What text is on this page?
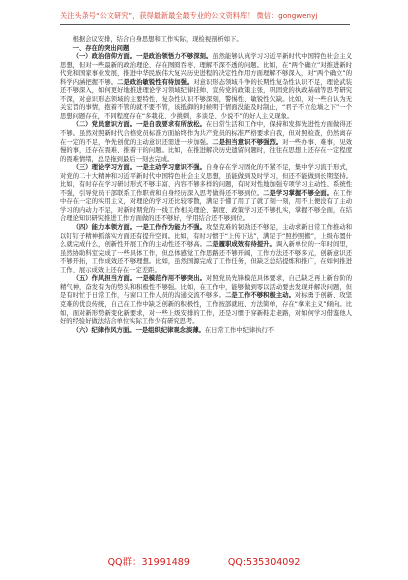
关注头条号“公文研究”，获得最新最全最专业的公文资料库！ 微信：gongwenyj

根据会议安排，结合自身思想和工作实际，现检视剖析如下。

一、存在的突出问题

（一）政治信仰方面。一是政治领悟力不够深刻。虽然能够认真学习习近平新时代中国特色社会主义思想，但对一些最新的政治理论、存在囫囵吞枣、理解不深不透的问题。比如，在“两个确立”对推进新时代党和国家事业发展，推进中华民族伟大复兴历史进程的决定性作用方面理解不够深入，对“两个确立”的科学内涵把握不够。二是政治敏锐性有待加强。对意识形态领域斗争的长期性复杂性认识不足，理论武装还不够深入，如何更好地推进理论学习领域纪律挂帅、宣传党的政策主张，巩固党的执政基础等思考研究不深，对意识形态领域的主要特性、复杂性认识不够深刻，警惕性、敏锐性欠缺。比如，对一些自认为无关宏旨的事情，抱着不管的就不要不管，该抵御的时候明于情面没能及时制止，“君子不立危墙之下”一个思想问题存在，不同程度存在“多栽花、少挑刺，多谈是、少说不”的好人主义现象。

（二）党员意识方面。一是自我要求有所放松。在日常生活和工作中，保持和发挥先进性方面做得还不够。虽然对照新时代合格党员标准方面始终作为共产党员的标准严格要求自我，但对照检查，仍然离存在一定的不足，争先创优的主动意识还需进一步加强。二是担当意识不够强烈。对一些办事、难事，见效慢的事，还存在畏难、推着干的问题。比如，在推进解决历史遗留问题时，往往在思想上还存在一定程度的畏难情绪，总是拖到最后一刻去完成。

（三）理论学习方面。一是主动学习意识不强。自身存在学习固化的不紧不足，集中学习流于形式，对党的二十大精神和习近平新时代中国特色社会主义思想，虽能做到及时学习，但还不能做到长期坚持。比如，有时存在学习研讨形式不够丰富、内容不够多样的问题，有时对性地加强专项学习主动性、系统性不强，引导党员干部联系工作职责和自身经历深入思考做得还不够到位。二是学习掌握不够全面。在工作中存在一定的实用主义，对理论的学习还比较零散，满足于懂了用了了就了刻一刻，用不上便没有了主动学习的内动力不足，对新时期党的一线工作相关理论、制度、政策学习还不够扎实，掌握不够全面，在结合理论知识研究推进工作方面做的还不够好，学用结合还不够到位。

（四）能力本领方面。一是工作作为能力不强。攻坚克难的韧劲还不够足，主动求新日常工作推动和以钉钉子精神抓落实方面还有提升空间。比如，有时习惯于“上传下达”，满足于“照抄照搬”，上级布置什么就完成什么，创新性开展工作的主动性还不够高。二是履职成效有待提升。调入新单位的一年时间里，虽然协助科室完成了一些具体工作，但总体感觉工作思路还不够开阔，工作方法还不够多元，创新意识还不够开拓，工作成效还不够理想。比如，虽然国源完成了工作任务，但缺乏总结提炼和推广，在如何推进工作、展示成效上还存在一定差距。

（五）作风担当方面。一是模范作用不够突出。对照党员先锋模范具体要求，自己缺乏再上新台阶的精气神，奋发有为的势头和积极性不够强。比如，在工作中，能够做到零以活动要去发现并解决问题，但是有时忙于日常工作，与窗口工作人员的沟通交流不够多。二是工作不够积极主动。对标勇于创新、攻坚克难的优良传统，自己在工作中缺乏创新的积极性，工作按部就班、方法简单，存在“拿来主义”倾向。比如，面对新形势新变化新要求，对一些上级安排的工作，还是习惯于穿新鞋走老路，对如何学习借鉴他人好的经验好做法结合单位实际工作少有研究思考。

（六）纪律作风方面。一是组织纪律观念淡薄。在日常工作中纪律执行不

QQ群：31991489	QQ:535304092
